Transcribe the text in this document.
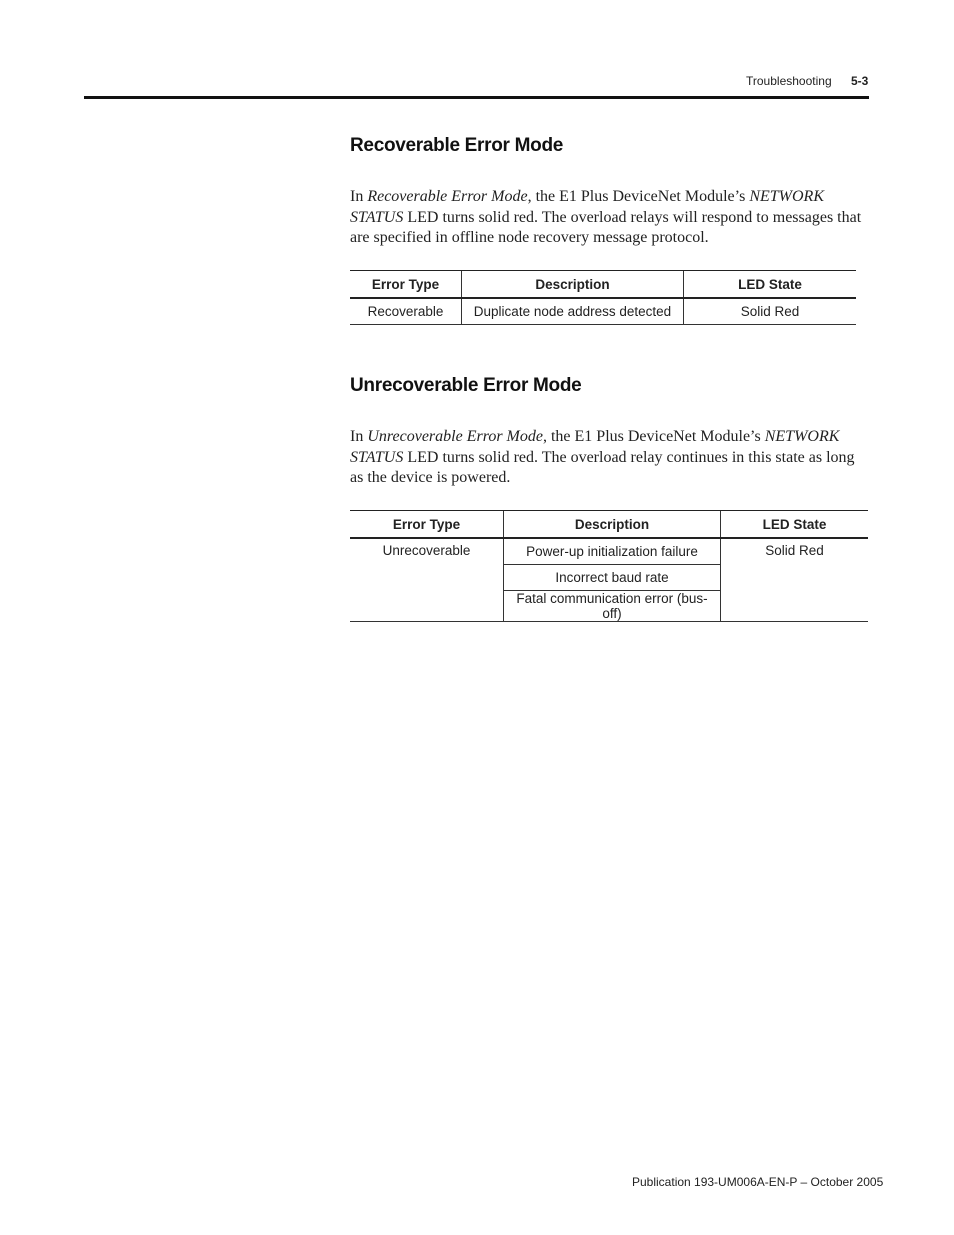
Troubleshooting 5-3
Recoverable Error Mode

In Recoverable Error Mode, the E1 Plus DeviceNet Module’s NETWORK STATUS LED turns solid red. The overload relays will respond to messages that are specified in offline node recovery message protocol.

Error Type	Description	LED State
Recoverable	Duplicate node address detected	Solid Red
Unrecoverable Error Mode

In Unrecoverable Error Mode, the E1 Plus DeviceNet Module’s NETWORK STATUS LED turns solid red. The overload relay continues in this state as long as the device is powered.

Error Type	Description	LED State
Unrecoverable	Power-up initialization failure	Solid Red
	Incorrect baud rate	
	Fatal communication error (bus-off)	
Publication 193-UM006A-EN-P – October 2005
